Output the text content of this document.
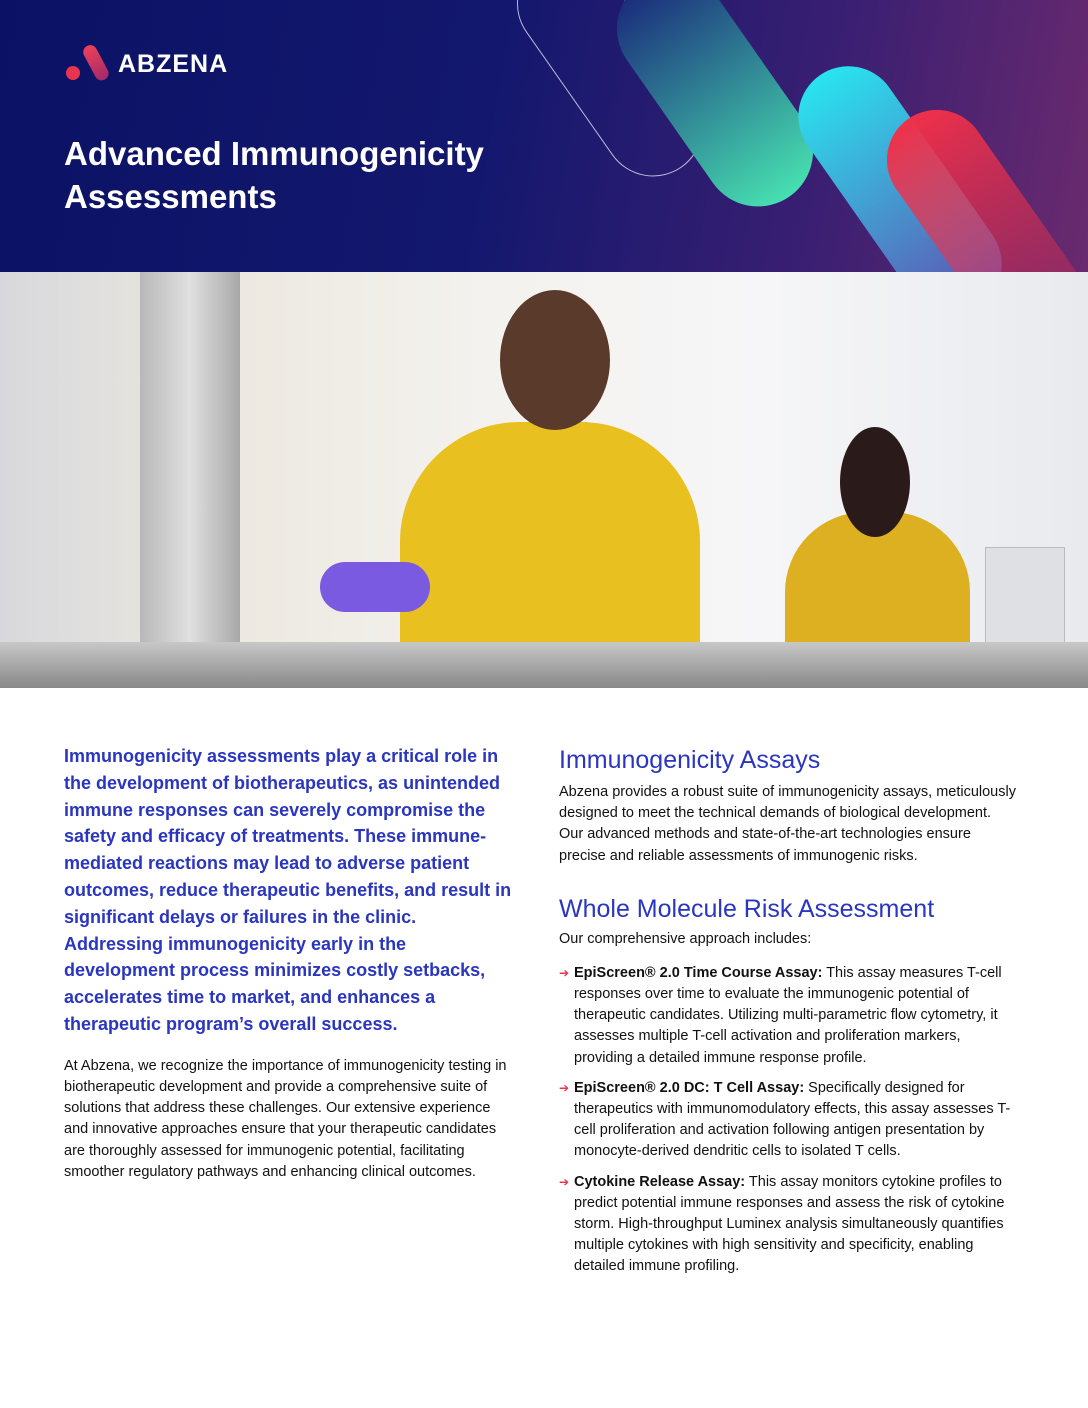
ABZENA
Advanced Immunogenicity Assessments

Immunogenicity assessments play a critical role in the development of biotherapeutics, as unintended immune responses can severely compromise the safety and efficacy of treatments. These immune-mediated reactions may lead to adverse patient outcomes, reduce therapeutic benefits, and result in significant delays or failures in the clinic. Addressing immunogenicity early in the development process minimizes costly setbacks, accelerates time to market, and enhances a therapeutic program’s overall success.

At Abzena, we recognize the importance of immunogenicity testing in biotherapeutic development and provide a comprehensive suite of solutions that address these challenges. Our extensive experience and innovative approaches ensure that your therapeutic candidates are thoroughly assessed for immunogenic potential, facilitating smoother regulatory pathways and enhancing clinical outcomes.

Immunogenicity Assays

Abzena provides a robust suite of immunogenicity assays, meticulously designed to meet the technical demands of biological development. Our advanced methods and state-of-the-art technologies ensure precise and reliable assessments of immunogenic risks.

Whole Molecule Risk Assessment

Our comprehensive approach includes:

➔ EpiScreen® 2.0 Time Course Assay: This assay measures T-cell responses over time to evaluate the immunogenic potential of therapeutic candidates. Utilizing multi-parametric flow cytometry, it assesses multiple T-cell activation and proliferation markers, providing a detailed immune response profile.
➔ EpiScreen® 2.0 DC: T Cell Assay: Specifically designed for therapeutics with immunomodulatory effects, this assay assesses T-cell proliferation and activation following antigen presentation by monocyte-derived dendritic cells to isolated T cells.
➔ Cytokine Release Assay: This assay monitors cytokine profiles to predict potential immune responses and assess the risk of cytokine storm. High-throughput Luminex analysis simultaneously quantifies multiple cytokines with high sensitivity and specificity, enabling detailed immune profiling.
